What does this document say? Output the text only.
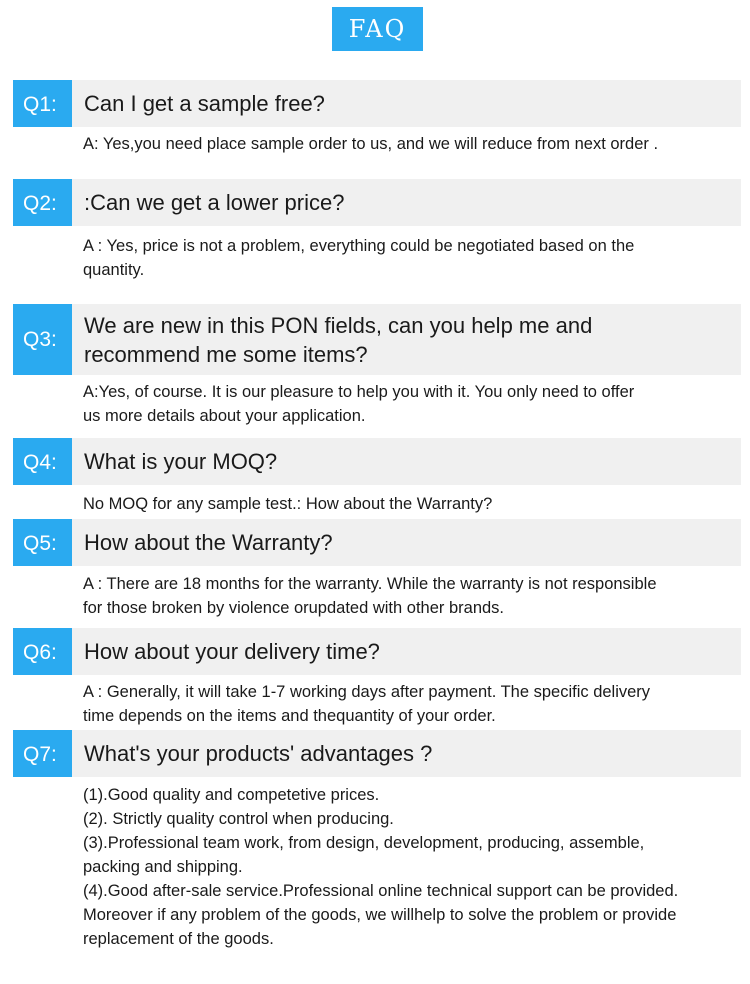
FAQ
Q1:	Can I get a sample free?
A: Yes,you need place sample order to us, and we will reduce from next order .
Q2:	:Can we get a lower price?
A : Yes, price is not a problem, everything could be negotiated based on the
quantity.
Q3:
We are new in this PON fields, can you help me and
recommend me some items?
A:Yes, of course. It is our pleasure to help you with it. You only need to offer
us more details about your application.
Q4:	What is your MOQ?
No MOQ for any sample test.: How about the Warranty?
Q5:	How about the Warranty?
A : There are 18 months for the warranty. While the warranty is not responsible
for those broken by violence orupdated with other brands.
Q6:	How about your delivery time?
A : Generally, it will take 1-7 working days after payment. The specific delivery
time depends on the items and thequantity of your order.
Q7:	What's your products' advantages ?
(1).Good quality and competetive prices.
(2). Strictly quality control when producing.
(3).Professional team work, from design, development, producing, assemble,
packing and shipping.
(4).Good after-sale service.Professional online technical support can be provided.
Moreover if any problem of the goods, we willhelp to solve the problem or provide
replacement of the goods.
